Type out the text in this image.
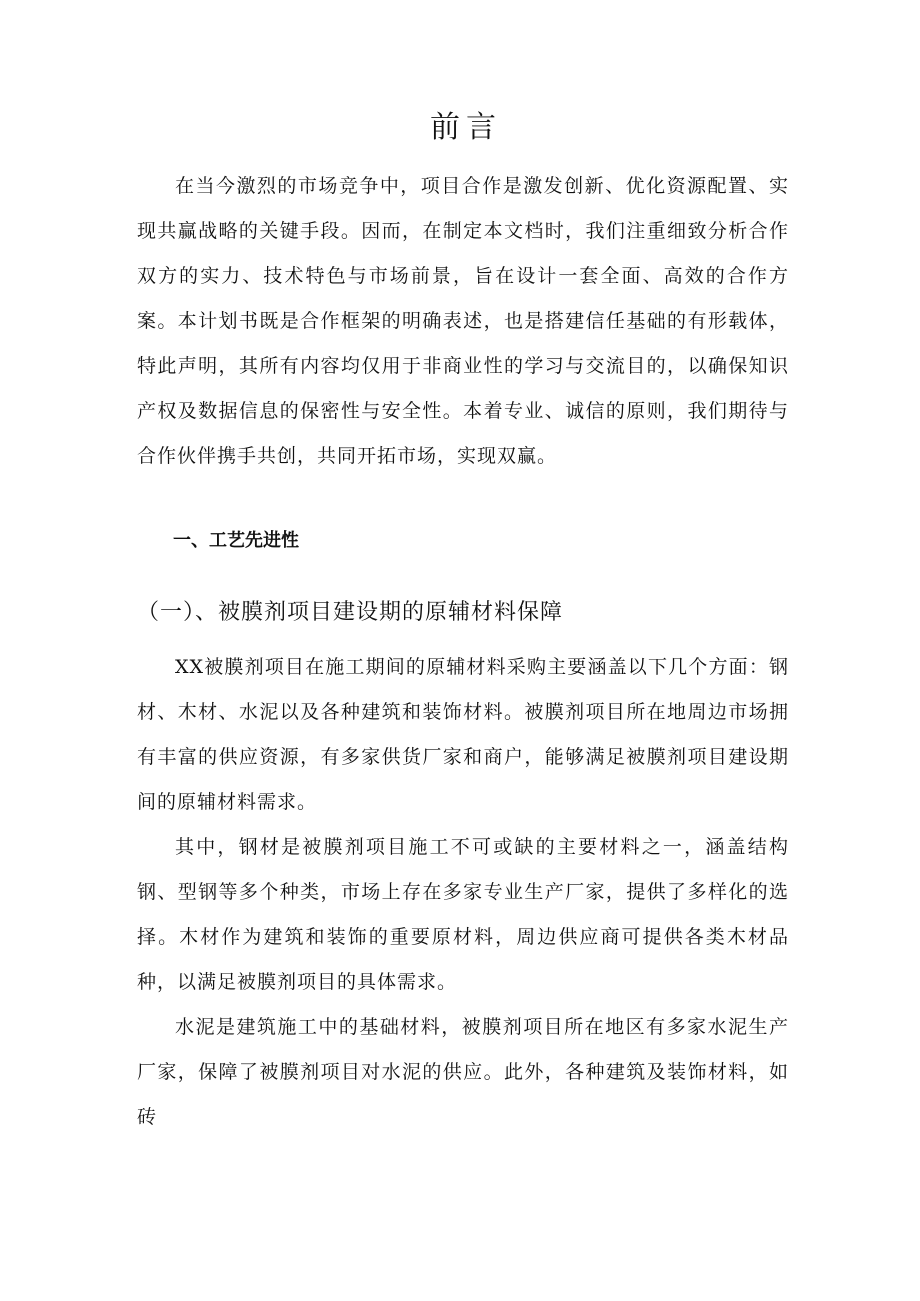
前言

在当今激烈的市场竞争中，项目合作是激发创新、优化资源配置、实现共赢战略的关键手段。因而，在制定本文档时，我们注重细致分析合作双方的实力、技术特色与市场前景，旨在设计一套全面、高效的合作方案。本计划书既是合作框架的明确表述，也是搭建信任基础的有形载体，特此声明，其所有内容均仅用于非商业性的学习与交流目的，以确保知识产权及数据信息的保密性与安全性。本着专业、诚信的原则，我们期待与合作伙伴携手共创，共同开拓市场，实现双赢。

一、工艺先进性
（一）、被膜剂项目建设期的原辅材料保障

XX被膜剂项目在施工期间的原辅材料采购主要涵盖以下几个方面：钢材、木材、水泥以及各种建筑和装饰材料。被膜剂项目所在地周边市场拥有丰富的供应资源，有多家供货厂家和商户，能够满足被膜剂项目建设期间的原辅材料需求。

其中，钢材是被膜剂项目施工不可或缺的主要材料之一，涵盖结构钢、型钢等多个种类，市场上存在多家专业生产厂家，提供了多样化的选择。木材作为建筑和装饰的重要原材料，周边供应商可提供各类木材品种，以满足被膜剂项目的具体需求。

水泥是建筑施工中的基础材料，被膜剂项目所在地区有多家水泥生产厂家，保障了被膜剂项目对水泥的供应。此外，各种建筑及装饰材料，如砖
